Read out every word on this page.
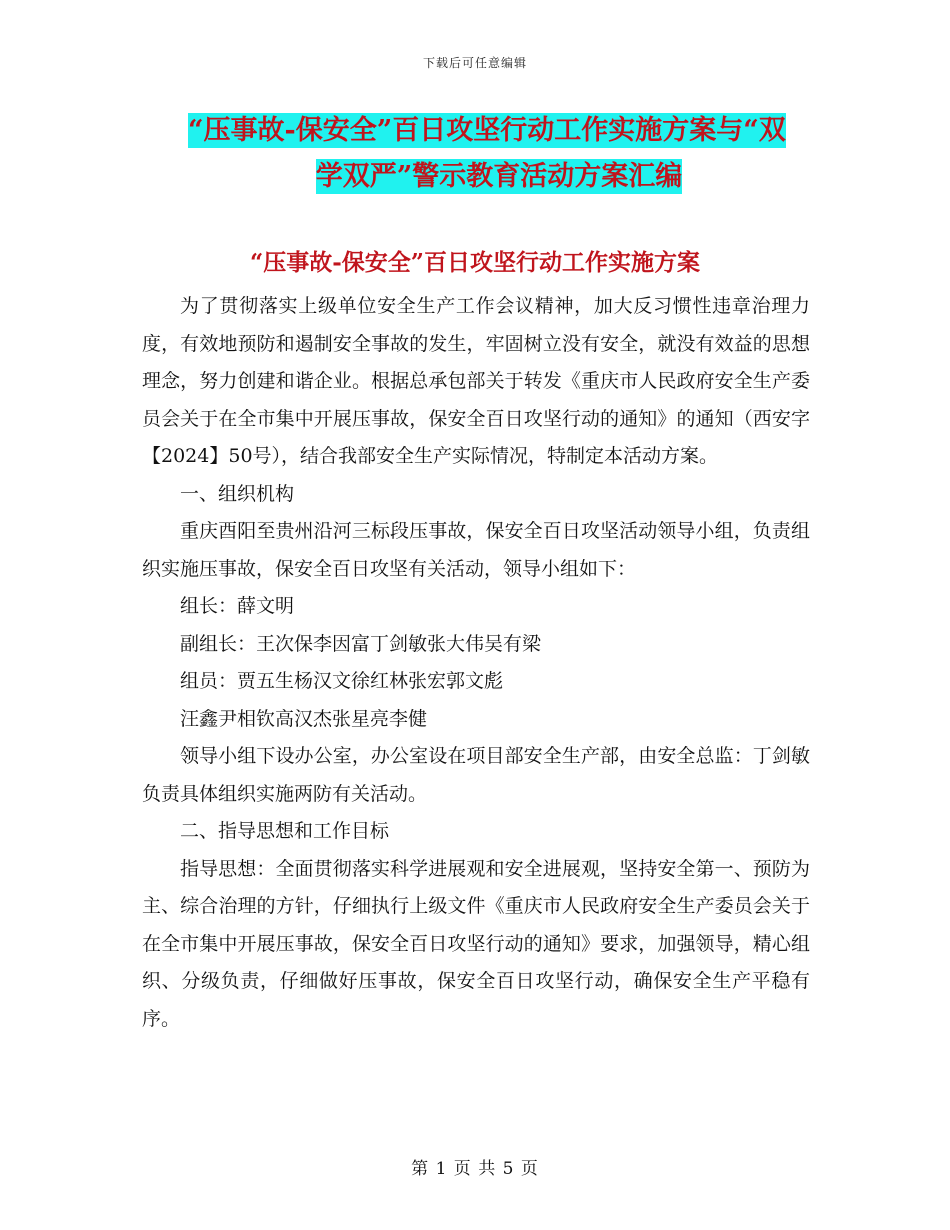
下载后可任意编辑
“压事故-保安全”百日攻坚行动工作实施方案与“双
学双严”警示教育活动方案汇编
“压事故-保安全”百日攻坚行动工作实施方案

为了贯彻落实上级单位安全生产工作会议精神，加大反习惯性违章治理力度，有效地预防和遏制安全事故的发生，牢固树立没有安全，就没有效益的思想理念，努力创建和谐企业。根据总承包部关于转发《重庆市人民政府安全生产委员会关于在全市集中开展压事故，保安全百日攻坚行动的通知》的通知（西安字【2024】50号），结合我部安全生产实际情况，特制定本活动方案。

一、组织机构

重庆酉阳至贵州沿河三标段压事故，保安全百日攻坚活动领导小组，负责组织实施压事故，保安全百日攻坚有关活动，领导小组如下：

组长：薛文明

副组长：王次保李因富丁剑敏张大伟吴有梁

组员：贾五生杨汉文徐红林张宏郭文彪

汪鑫尹相钦高汉杰张星亮李健

领导小组下设办公室，办公室设在项目部安全生产部，由安全总监：丁剑敏负责具体组织实施两防有关活动。

二、指导思想和工作目标

指导思想：全面贯彻落实科学进展观和安全进展观，坚持安全第一、预防为主、综合治理的方针，仔细执行上级文件《重庆市人民政府安全生产委员会关于在全市集中开展压事故，保安全百日攻坚行动的通知》要求，加强领导，精心组织、分级负责，仔细做好压事故，保安全百日攻坚行动，确保安全生产平稳有序。

第 1 页 共 5 页
